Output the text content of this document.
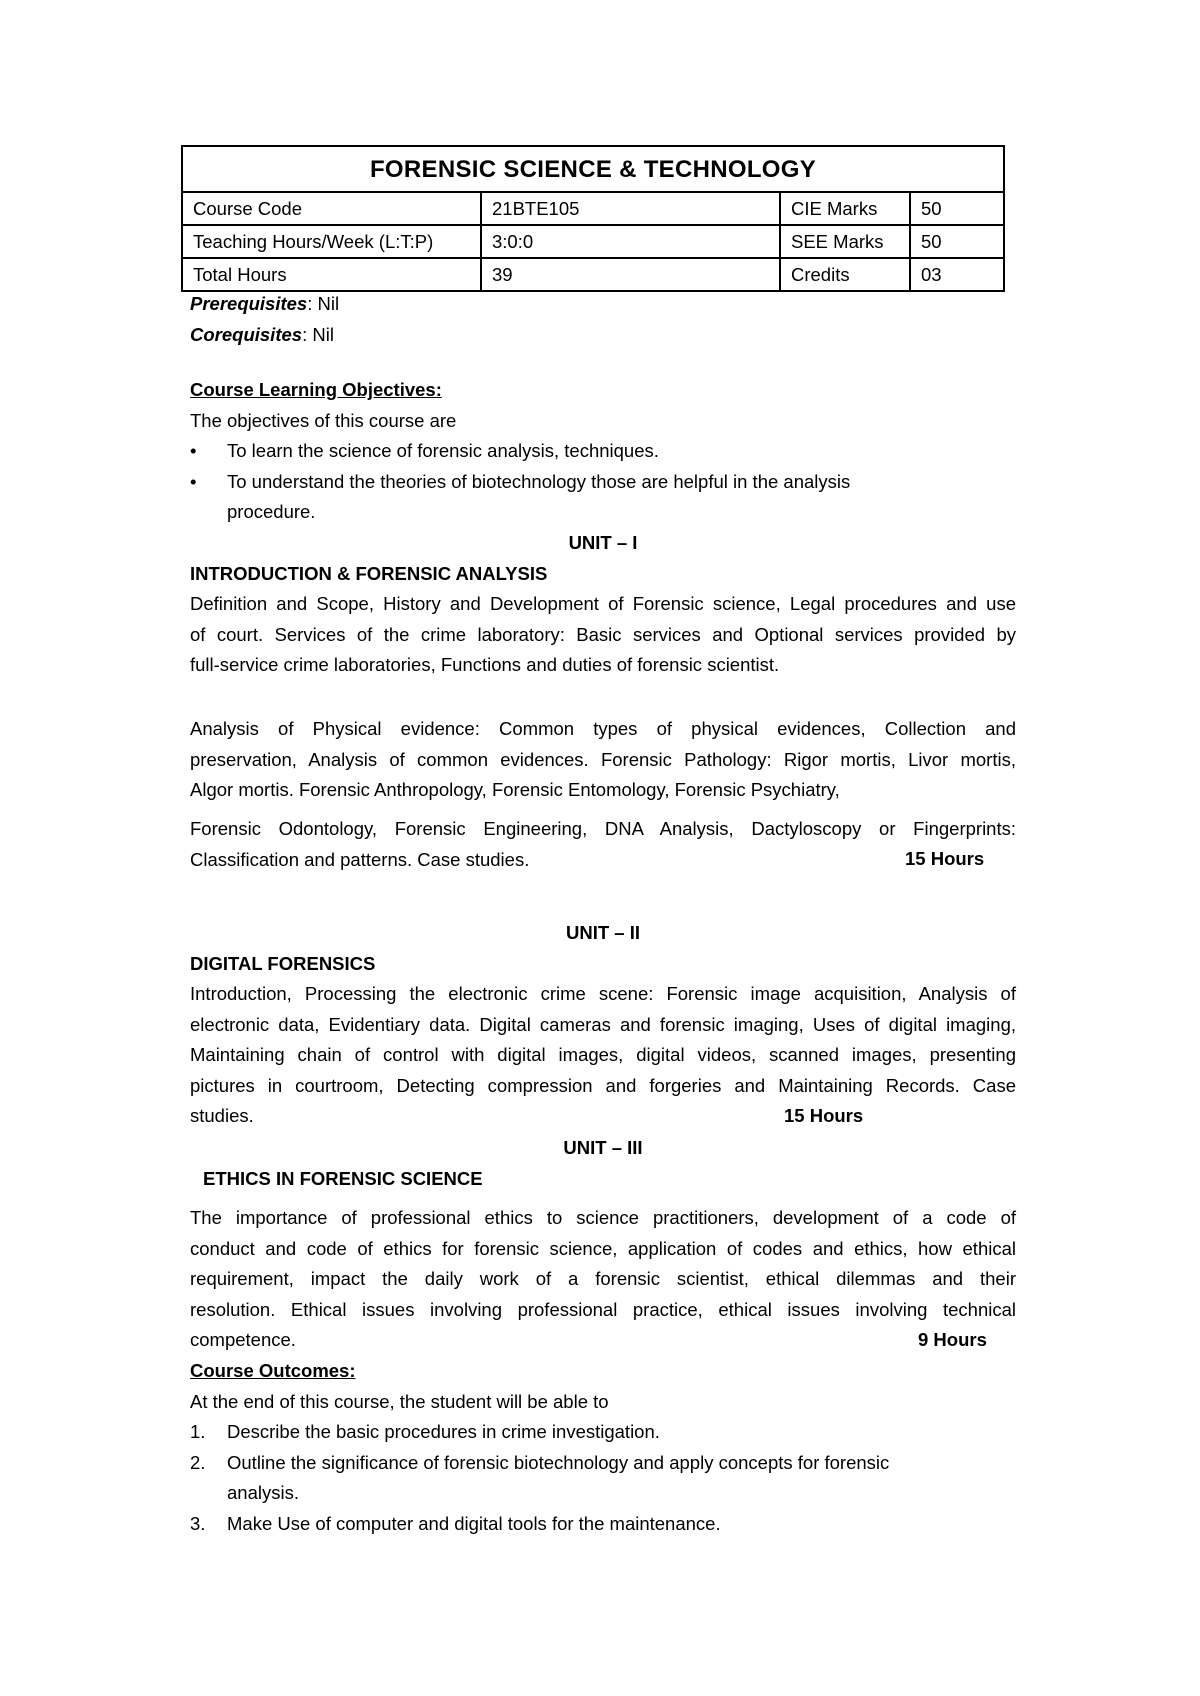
FORENSIC SCIENCE & TECHNOLOGY			
Course Code	21BTE105	CIE Marks	50
Teaching Hours/Week (L:T:P)	3:0:0	SEE Marks	50
Total Hours	39	Credits	03
Prerequisites: Nil
Corequisites: Nil
Course Learning Objectives:
The objectives of this course are
• To learn the science of forensic analysis, techniques.
• To understand the theories of biotechnology those are helpful in the analysis
procedure.
UNIT – I
INTRODUCTION & FORENSIC ANALYSIS
Definition and Scope, History and Development of Forensic science, Legal procedures and use
of court. Services of the crime laboratory: Basic services and Optional services provided by
full-service crime laboratories, Functions and duties of forensic scientist.
Analysis of Physical evidence: Common types of physical evidences, Collection and
preservation, Analysis of common evidences. Forensic Pathology: Rigor mortis, Livor mortis,
Algor mortis. Forensic Anthropology, Forensic Entomology, Forensic Psychiatry,
Forensic Odontology, Forensic Engineering, DNA Analysis, Dactyloscopy or Fingerprints:
Classification and patterns. Case studies.	15 Hours
UNIT – II
DIGITAL FORENSICS
Introduction, Processing the electronic crime scene: Forensic image acquisition, Analysis of
electronic data, Evidentiary data. Digital cameras and forensic imaging, Uses of digital imaging,
Maintaining chain of control with digital images, digital videos, scanned images, presenting
pictures in courtroom, Detecting compression and forgeries and Maintaining Records. Case
studies.	15 Hours
UNIT – III
ETHICS IN FORENSIC SCIENCE
The importance of professional ethics to science practitioners, development of a code of
conduct and code of ethics for forensic science, application of codes and ethics, how ethical
requirement, impact the daily work of a forensic scientist, ethical dilemmas and their
resolution. Ethical issues involving professional practice, ethical issues involving technical
competence.	9 Hours
Course Outcomes:
At the end of this course, the student will be able to
1. Describe the basic procedures in crime investigation.
2. Outline the significance of forensic biotechnology and apply concepts for forensic
analysis.
3. Make Use of computer and digital tools for the maintenance.
